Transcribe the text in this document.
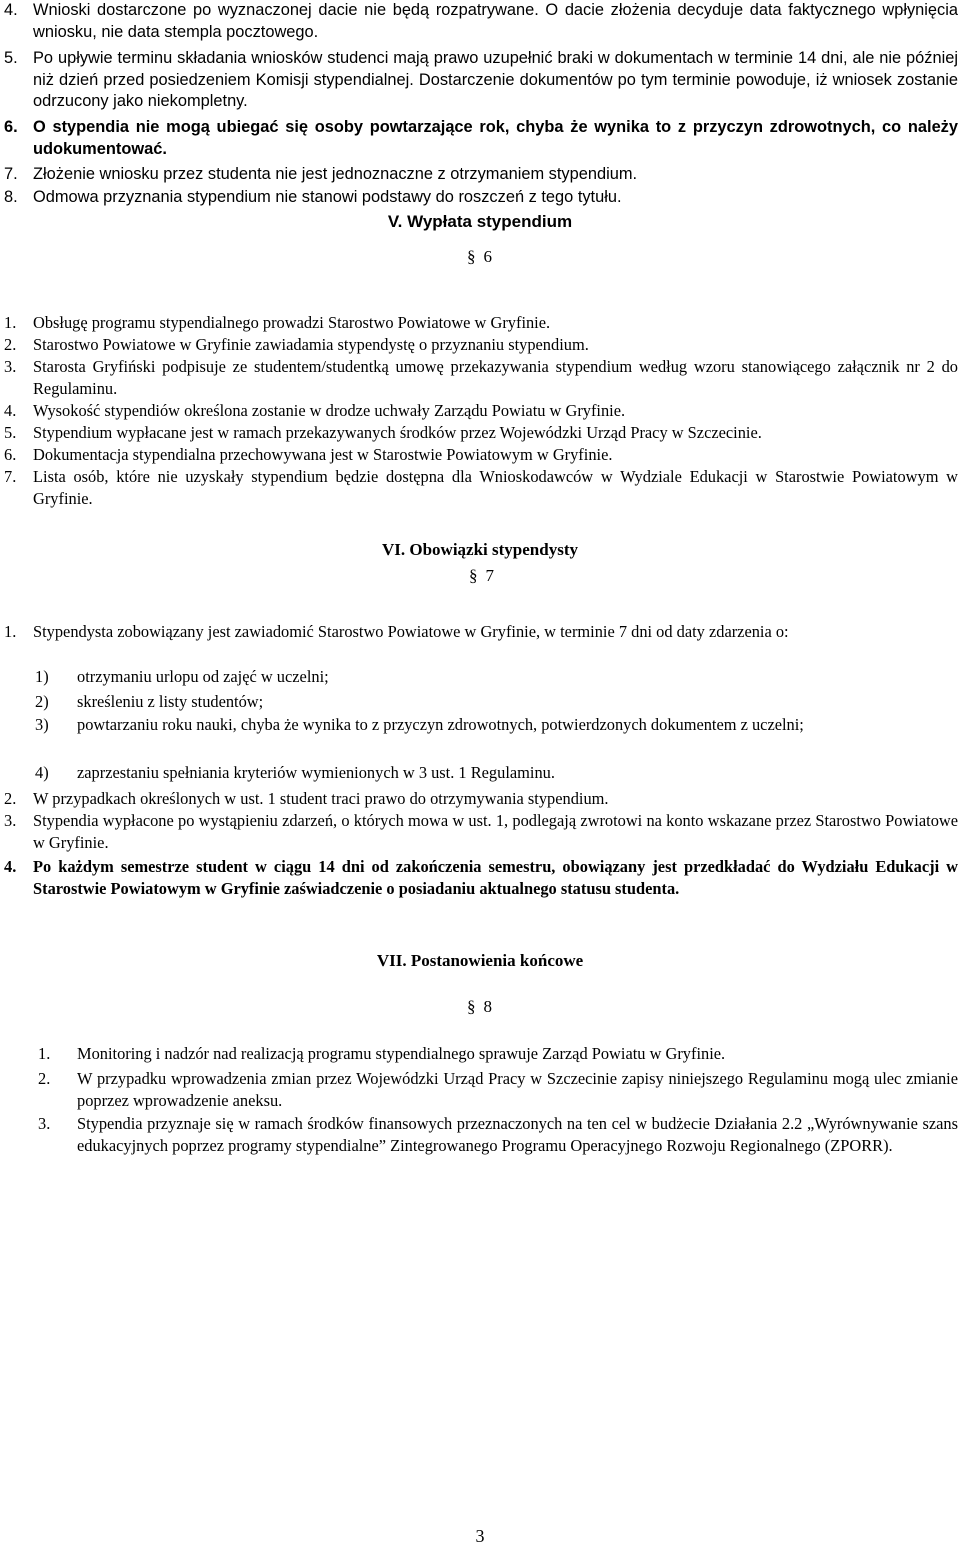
4. Wnioski dostarczone po wyznaczonej dacie nie będą rozpatrywane. O dacie złożenia decyduje data faktycznego wpłynięcia wniosku, nie data stempla pocztowego.
5. Po upływie terminu składania wniosków studenci mają prawo uzupełnić braki w dokumentach w terminie 14 dni, ale nie później niż dzień przed posiedzeniem Komisji stypendialnej. Dostarczenie dokumentów po tym terminie powoduje, iż wniosek zostanie odrzucony jako niekompletny.
6. O stypendia nie mogą ubiegać się osoby powtarzające rok, chyba że wynika to z przyczyn zdrowotnych, co należy udokumentować.
7. Złożenie wniosku przez studenta nie jest jednoznaczne z otrzymaniem stypendium.
8. Odmowa przyznania stypendium nie stanowi podstawy do roszczeń z tego tytułu.
V. Wypłata stypendium
§ 6
1. Obsługę programu stypendialnego prowadzi Starostwo Powiatowe w Gryfinie.
2. Starostwo Powiatowe w Gryfinie zawiadamia stypendystę o przyznaniu stypendium.
3. Starosta Gryfiński podpisuje ze studentem/studentką umowę przekazywania stypendium według wzoru stanowiącego załącznik nr 2 do Regulaminu.
4. Wysokość stypendiów określona zostanie w drodze uchwały Zarządu Powiatu w Gryfinie.
5. Stypendium wypłacane jest w ramach przekazywanych środków przez Wojewódzki Urząd Pracy w Szczecinie.
6. Dokumentacja stypendialna przechowywana jest w Starostwie Powiatowym w Gryfinie.
7. Lista osób, które nie uzyskały stypendium będzie dostępna dla Wnioskodawców w Wydziale Edukacji w Starostwie Powiatowym w Gryfinie.
VI. Obowiązki stypendysty
§ 7
1. Stypendysta zobowiązany jest zawiadomić Starostwo Powiatowe w Gryfinie, w terminie 7 dni od daty zdarzenia o:
1) otrzymaniu urlopu od zajęć w uczelni;
2) skreśleniu z listy studentów;
3) powtarzaniu roku nauki, chyba że wynika to z przyczyn zdrowotnych, potwierdzonych dokumentem z uczelni;
4) zaprzestaniu spełniania kryteriów wymienionych w 3 ust. 1 Regulaminu.
2. W przypadkach określonych w ust. 1 student traci prawo do otrzymywania stypendium.
3. Stypendia wypłacone po wystąpieniu zdarzeń, o których mowa w ust. 1, podlegają zwrotowi na konto wskazane przez Starostwo Powiatowe w Gryfinie.
4. Po każdym semestrze student w ciągu 14 dni od zakończenia semestru, obowiązany jest przedkładać do Wydziału Edukacji w Starostwie Powiatowym w Gryfinie zaświadczenie o posiadaniu aktualnego statusu studenta.
VII. Postanowienia końcowe
§ 8
1. Monitoring i nadzór nad realizacją programu stypendialnego sprawuje Zarząd Powiatu w Gryfinie.
2. W przypadku wprowadzenia zmian przez Wojewódzki Urząd Pracy w Szczecinie zapisy niniejszego Regulaminu mogą ulec zmianie poprzez wprowadzenie aneksu.
3. Stypendia przyznaje się w ramach środków finansowych przeznaczonych na ten cel w budżecie Działania 2.2 „Wyrównywanie szans edukacyjnych poprzez programy stypendialne” Zintegrowanego Programu Operacyjnego Rozwoju Regionalnego (ZPORR).
3
